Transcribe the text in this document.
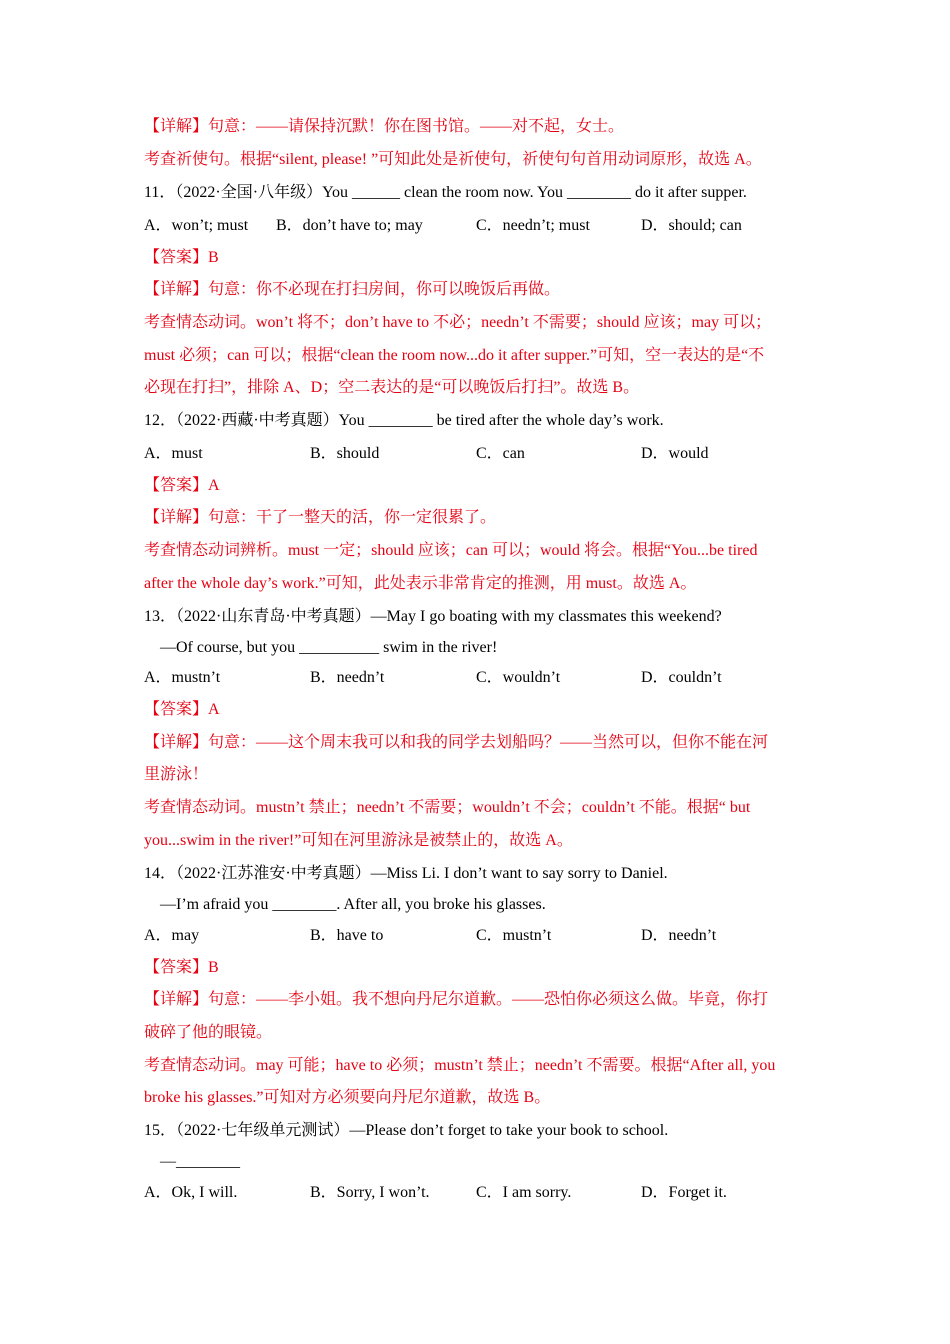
【详解】句意：——请保持沉默！你在图书馆。——对不起，女士。
考查祈使句。根据“silent, please! ”可知此处是祈使句，祈使句句首用动词原形，故选 A。
11．（2022·全国·八年级）You ______ clean the room now. You ________ do it after supper.
A．won’t; must B．don’t have to; may	C．needn’t; must	D．should; can
【答案】B
【详解】句意：你不必现在打扫房间，你可以晚饭后再做。
考查情态动词。won’t 将不；don’t have to 不必；needn’t 不需要；should 应该；may 可以；
must 必须；can 可以；根据“clean the room now...do it after supper.”可知，空一表达的是“不
必现在打扫”，排除 A、D；空二表达的是“可以晚饭后打扫”。故选 B。
12．（2022·西藏·中考真题）You ________ be tired after the whole day’s work.
A．must	B．should	C．can	D．would
【答案】A
【详解】句意：干了一整天的活，你一定很累了。
考查情态动词辨析。must 一定；should 应该；can 可以；would 将会。根据“You...be tired
after the whole day’s work.”可知，此处表示非常肯定的推测，用 must。故选 A。
13．（2022·山东青岛·中考真题）—May I go boating with my classmates this weekend?
—Of course, but you __________ swim in the river!
A．mustn’t	B．needn’t	C．wouldn’t	D．couldn’t
【答案】A
【详解】句意：——这个周末我可以和我的同学去划船吗？——当然可以，但你不能在河
里游泳！
考查情态动词。mustn’t 禁止；needn’t 不需要；wouldn’t 不会；couldn’t 不能。根据“ but
you...swim in the river!”可知在河里游泳是被禁止的，故选 A。
14．（2022·江苏淮安·中考真题）—Miss Li. I don’t want to say sorry to Daniel.
—I’m afraid you ________. After all, you broke his glasses.
A．may	B．have to	C．mustn’t	D．needn’t
【答案】B
【详解】句意：——李小姐。我不想向丹尼尔道歉。——恐怕你必须这么做。毕竟，你打
破碎了他的眼镜。
考查情态动词。may 可能；have to 必须；mustn’t 禁止；needn’t 不需要。根据“After all, you
broke his glasses.”可知对方必须要向丹尼尔道歉，故选 B。
15．（2022·七年级单元测试）—Please don’t forget to take your book to school.
—________
A．Ok, I will.	B．Sorry, I won’t.	C．I am sorry.	D．Forget it.
